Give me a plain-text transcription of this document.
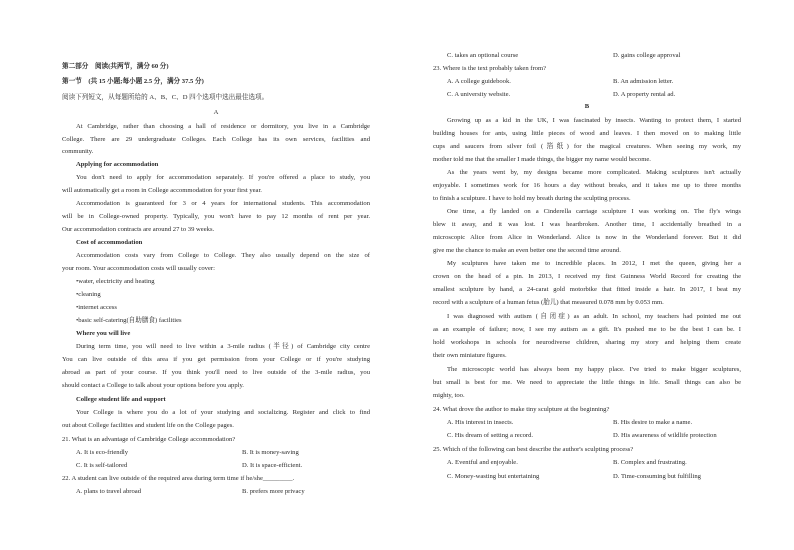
第二部分　阅读(共两节，满分 60 分)
第一节　(共 15 小题;每小题 2.5 分，满分 37.5 分)
阅读下列短文，从每题所给的 A、B、C、D 四个选项中选出最佳选项。
A
At Cambridge, rather than choosing a hall of residence or dormitory, you live in a Cambridge
College. There are 29 undergraduate Colleges. Each College has its own services, facilities and
community.
Applying for accommodation
You don't need to apply for accommodation separately. If you're offered a place to study, you
will automatically get a room in College accommodation for your first year.
Accommodation is guaranteed for 3 or 4 years for international students. This accommodation
will be in College-owned property. Typically, you won't have to pay 12 months of rent per year.
Our accommodation contracts are around 27 to 39 weeks.
Cost of accommodation
Accommodation costs vary from College to College. They also usually depend on the size of
your room. Your accommodation costs will usually cover:
•water, electricity and heating
•cleaning
•internet access
•basic self-catering(自助膳食) facilities
Where you will live
During term time, you will need to live within a 3-mile radius (半径) of Cambridge city centre
You can live outside of this area if you get permission from your College or if you're studying
abroad as part of your course. If you think you'll need to live outside of the 3-mile radius, you
should contact a College to talk about your options before you apply.
College student life and support
Your College is where you do a lot of your studying and socializing. Register and click to find
out about College facilities and student life on the College pages.
21. What is an advantage of Cambridge College accommodation?
A. It is eco-friendly	B. It is money-saving
C. It is self-tailored	D. It is space-efficient.
22. A student can live outside of the required area during term time if he/she_________.
A. plans to travel abroad	B. prefers more privacy
C. takes an optional course	D. gains college approval
23. Where is the text probably taken from?
A. A college guidebook.	B. An admission letter.
C. A university website.	D. A property rental ad.
B
Growing up as a kid in the UK, I was fascinated by insects. Wanting to protect them, I started
building houses for ants, using little pieces of wood and leaves. I then moved on to making little
cups and saucers from silver foil (箔纸) for the magical creatures. When seeing my work, my
mother told me that the smaller I made things, the bigger my name would become.
As the years went by, my designs became more complicated. Making sculptures isn't actually
enjoyable. I sometimes work for 16 hours a day without breaks, and it takes me up to three months
to finish a sculpture. I have to hold my breath during the sculpting process.
One time, a fly landed on a Cinderella carriage sculpture I was working on. The fly's wings
blew it away, and it was lost. I was heartbroken. Another time, I accidentally breathed in a
microscopic Alice from Alice in Wonderland. Alice is now in the Wonderland forever. But it did
give me the chance to make an even better one the second time around.
My sculptures have taken me to incredible places. In 2012, I met the queen, giving her a
crown on the head of a pin. In 2013, I received my first Guinness World Record for creating the
smallest sculpture by hand, a 24-carat gold motorbike that fitted inside a hair. In 2017, I beat my
record with a sculpture of a human fetus (胎儿) that measured 0.078 mm by 0.053 mm.
I was diagnosed with autism (自闭症) as an adult. In school, my teachers had pointed me out
as an example of failure; now, I see my autism as a gift. It's pushed me to be the best I can be. I
hold workshops in schools for neurodiverse children, sharing my story and helping them create
their own miniature figures.
The microscopic world has always been my happy place. I've tried to make bigger sculptures,
but small is best for me. We need to appreciate the little things in life. Small things can also be
mighty, too.
24. What drove the author to make tiny sculpture at the beginning?
A. His interest in insects.	B. His desire to make a name.
C. His dream of setting a record.	D. His awareness of wildlife protection
25. Which of the following can best describe the author's sculpting process?
A. Eventful and enjoyable.	B. Complex and frustrating.
C. Money-wasting but entertaining	D. Time-consuming but fulfilling
